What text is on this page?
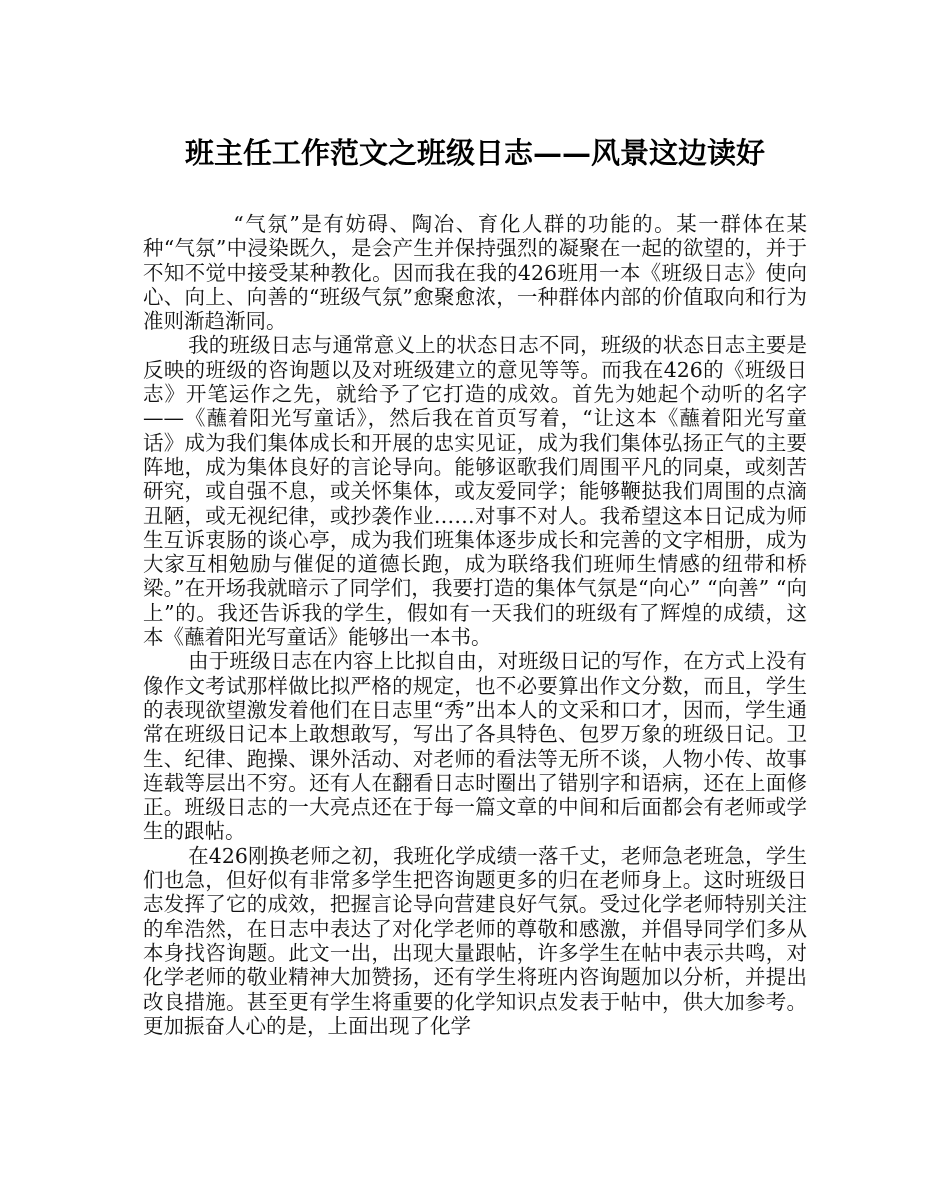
班主任工作范文之班级日志——风景这边读好

“气氛”是有妨碍、陶冶、育化人群的功能的。某一群体在某种“气氛”中浸染既久，是会产生并保持强烈的凝聚在一起的欲望的，并于不知不觉中接受某种教化。因而我在我的426班用一本《班级日志》使向心、向上、向善的“班级气氛”愈聚愈浓，一种群体内部的价值取向和行为准则渐趋渐同。

我的班级日志与通常意义上的状态日志不同，班级的状态日志主要是反映的班级的咨询题以及对班级建立的意见等等。而我在426的《班级日志》开笔运作之先，就给予了它打造的成效。首先为她起个动听的名字——《蘸着阳光写童话》，然后我在首页写着，“让这本《蘸着阳光写童话》成为我们集体成长和开展的忠实见证，成为我们集体弘扬正气的主要阵地，成为集体良好的言论导向。能够讴歌我们周围平凡的同桌，或刻苦研究，或自强不息，或关怀集体，或友爱同学；能够鞭挞我们周围的点滴丑陋，或无视纪律，或抄袭作业……对事不对人。我希望这本日记成为师生互诉衷肠的谈心亭，成为我们班集体逐步成长和完善的文字相册，成为大家互相勉励与催促的道德长跑，成为联络我们班师生情感的纽带和桥梁。”在开场我就暗示了同学们，我要打造的集体气氛是“向心” “向善” “向上”的。我还告诉我的学生，假如有一天我们的班级有了辉煌的成绩，这本《蘸着阳光写童话》能够出一本书。

由于班级日志在内容上比拟自由，对班级日记的写作，在方式上没有像作文考试那样做比拟严格的规定，也不必要算出作文分数，而且，学生的表现欲望激发着他们在日志里“秀”出本人的文采和口才，因而，学生通常在班级日记本上敢想敢写，写出了各具特色、包罗万象的班级日记。卫生、纪律、跑操、课外活动、对老师的看法等无所不谈，人物小传、故事连载等层出不穷。还有人在翻看日志时圈出了错别字和语病，还在上面修正。班级日志的一大亮点还在于每一篇文章的中间和后面都会有老师或学生的跟帖。

在426刚换老师之初，我班化学成绩一落千丈，老师急老班急，学生们也急，但好似有非常多学生把咨询题更多的归在老师身上。这时班级日志发挥了它的成效，把握言论导向营建良好气氛。受过化学老师特别关注的牟浩然，在日志中表达了对化学老师的尊敬和感激，并倡导同学们多从本身找咨询题。此文一出，出现大量跟帖，许多学生在帖中表示共鸣，对化学老师的敬业精神大加赞扬，还有学生将班内咨询题加以分析，并提出改良措施。甚至更有学生将重要的化学知识点发表于帖中，供大加参考。更加振奋人心的是，上面出现了化学
